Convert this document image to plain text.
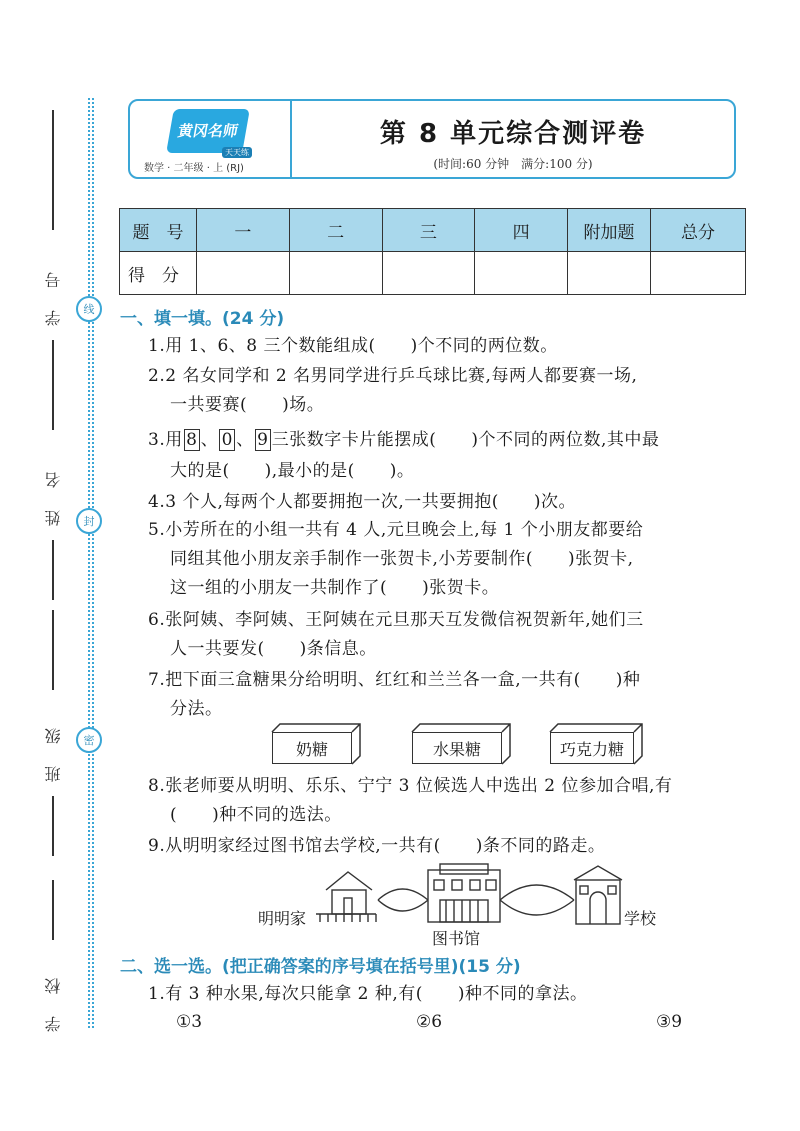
学号
姓名
班级
学校
线
封
密
黄冈名师
天天练
数学 · 二年级 · 上 (RJ)
第 8 单元综合测评卷
(时间:60 分钟　满分:100 分)
题　号	一	二	三	四	附加题	总分
得　分						
一、填一填。(24 分)
1.用 1、6、8 三个数能组成(　　)个不同的两位数。
2.2 名女同学和 2 名男同学进行乒乓球比赛,每两人都要赛一场,
一共要赛(　　)场。
3.用 8 、 0 、 9 三张数字卡片能摆成(　　)个不同的两位数,其中最
大的是(　　),最小的是(　　)。
4.3 个人,每两个人都要拥抱一次,一共要拥抱(　　)次。
5.小芳所在的小组一共有 4 人,元旦晚会上,每 1 个小朋友都要给
同组其他小朋友亲手制作一张贺卡,小芳要制作(　　)张贺卡,
这一组的小朋友一共制作了(　　)张贺卡。
6.张阿姨、李阿姨、王阿姨在元旦那天互发微信祝贺新年,她们三
人一共要发(　　)条信息。
7.把下面三盒糖果分给明明、红红和兰兰各一盒,一共有(　　)种
分法。
奶糖	水果糖	巧克力糖
8.张老师要从明明、乐乐、宁宁 3 位候选人中选出 2 位参加合唱,有
(　　)种不同的选法。
9.从明明家经过图书馆去学校,一共有(　　)条不同的路走。
明明家
图书馆
学校
二、选一选。(把正确答案的序号填在括号里)(15 分)
1.有 3 种水果,每次只能拿 2 种,有(　　)种不同的拿法。
①3	②6	③9
